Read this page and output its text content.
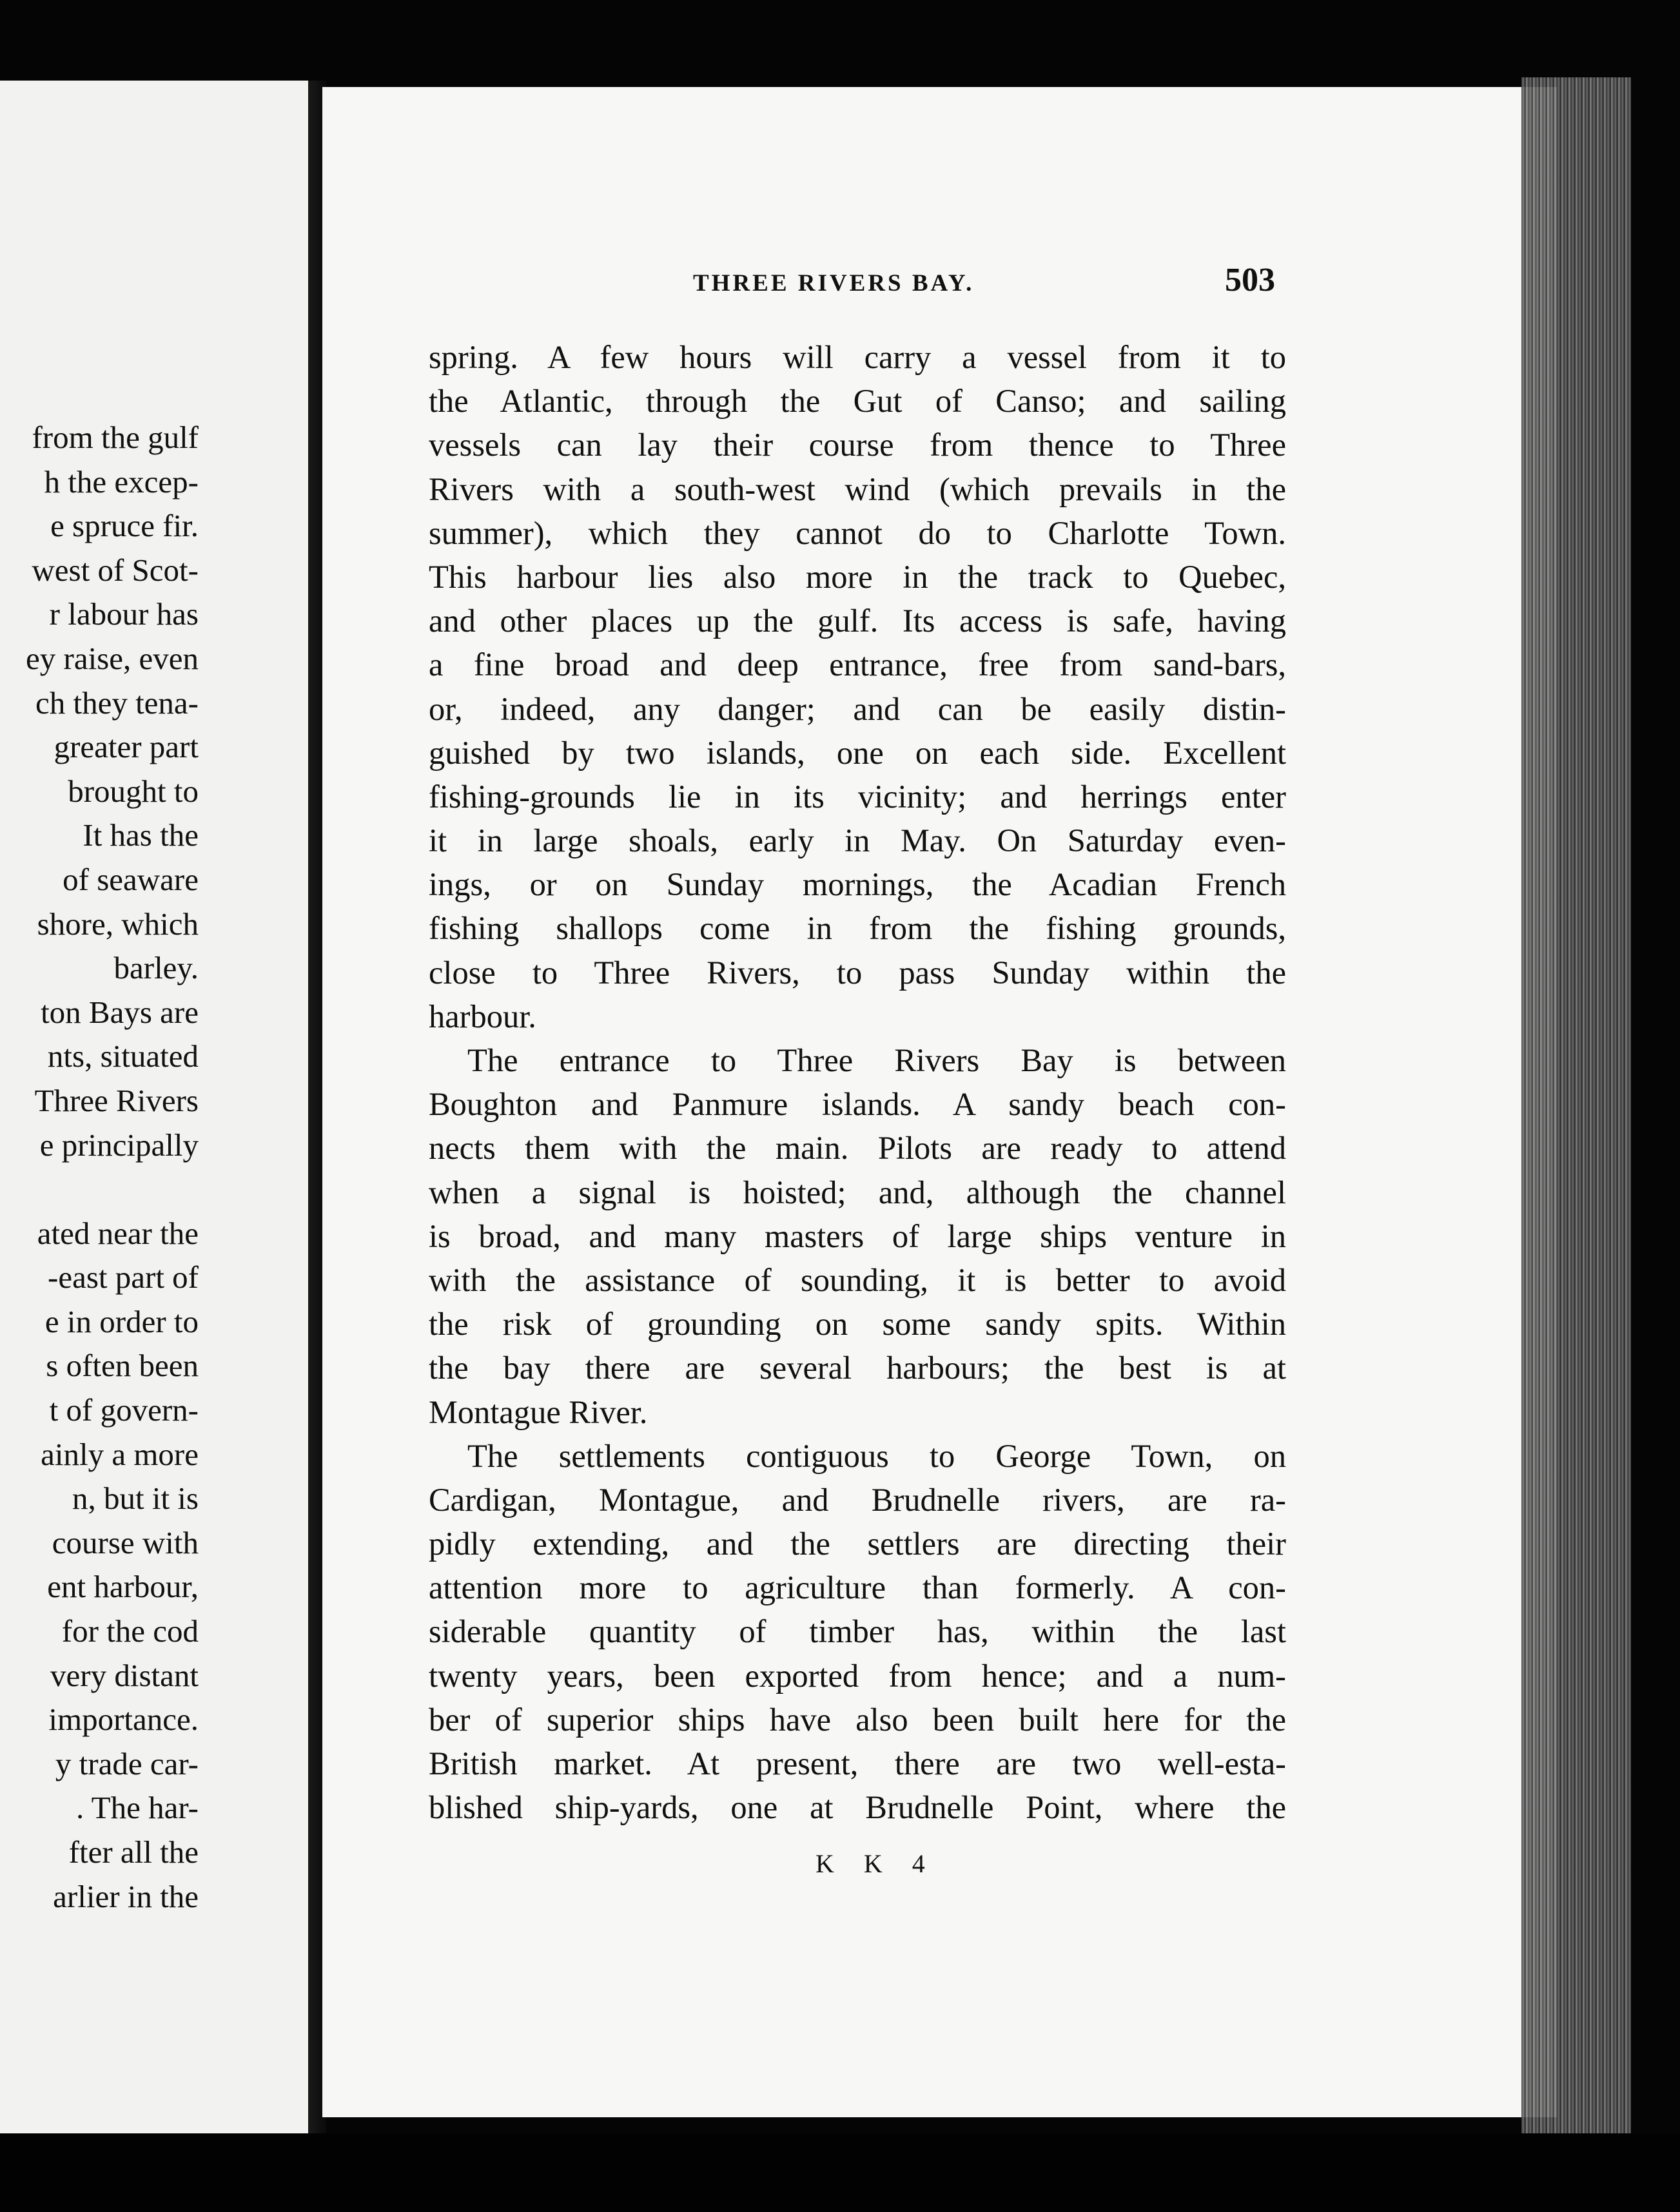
from the gulf
h the excep-
e spruce fir.
west of Scot-
r labour has
ey raise, even
ch they tena-
greater part
brought to
It has the
of seaware
shore, which
barley.
ton Bays are
nts, situated
Three Rivers
e principally

ated near the
-east part of
e in order to
s often been
t of govern-
ainly a more
n, but it is
course with
ent harbour,
for the cod
very distant
importance.
y trade car-
. The har-
fter all the
arlier in the
THREE RIVERS BAY.	503
spring. A few hours will carry a vessel from it to
the Atlantic, through the Gut of Canso; and sailing
vessels can lay their course from thence to Three
Rivers with a south-west wind (which prevails in the
summer), which they cannot do to Charlotte Town.
This harbour lies also more in the track to Quebec,
and other places up the gulf. Its access is safe, having
a fine broad and deep entrance, free from sand-bars,
or, indeed, any danger; and can be easily distin-
guished by two islands, one on each side. Excellent
fishing-grounds lie in its vicinity; and herrings enter
it in large shoals, early in May. On Saturday even-
ings, or on Sunday mornings, the Acadian French
fishing shallops come in from the fishing grounds,
close to Three Rivers, to pass Sunday within the
harbour.
The entrance to Three Rivers Bay is between
Boughton and Panmure islands. A sandy beach con-
nects them with the main. Pilots are ready to attend
when a signal is hoisted; and, although the channel
is broad, and many masters of large ships venture in
with the assistance of sounding, it is better to avoid
the risk of grounding on some sandy spits. Within
the bay there are several harbours; the best is at
Montague River.
The settlements contiguous to George Town, on
Cardigan, Montague, and Brudnelle rivers, are ra-
pidly extending, and the settlers are directing their
attention more to agriculture than formerly. A con-
siderable quantity of timber has, within the last
twenty years, been exported from hence; and a num-
ber of superior ships have also been built here for the
British market. At present, there are two well-esta-
blished ship-yards, one at Brudnelle Point, where the
K K 4
